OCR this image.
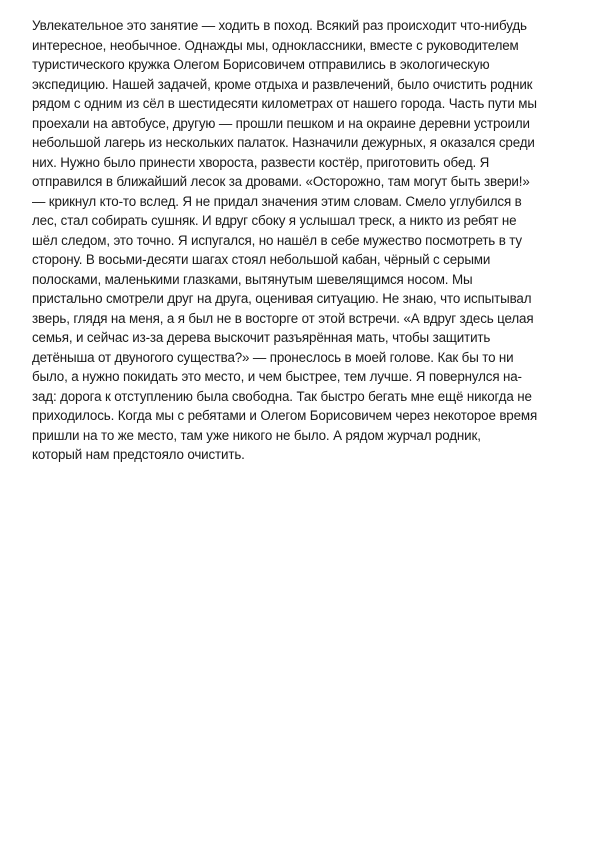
Увлекательное это занятие — ходить в поход. Всякий раз происходит что-нибудь
интересное, необычное. Однажды мы, одноклассники, вместе с руководителем
туристического кружка Олегом Борисовичем отправились в экологическую
экспедицию. Нашей задачей, кроме отдыха и развлечений, было очистить родник
рядом с одним из сёл в шестидесяти километрах от нашего города. Часть пути мы
проехали на автобусе, другую — прошли пешком и на окраине деревни устроили
небольшой лагерь из нескольких палаток. Назначили дежурных, я оказался среди
них. Нужно было принести хвороста, развести костёр, приготовить обед. Я
отправился в ближайший лесок за дровами. «Осторожно, там могут быть звери!»
— крикнул кто-то вслед. Я не придал значения этим словам. Смело углубился в
лес, стал собирать сушняк. И вдруг сбоку я услышал треск, а никто из ребят не
шёл следом, это точно. Я испугался, но нашёл в себе мужество посмотреть в ту
сторону. В восьми-десяти шагах стоял небольшой кабан, чёрный с серыми
полосками, маленькими глазками, вытянутым шевелящимся носом. Мы
пристально смотрели друг на друга, оценивая ситуацию. Не знаю, что испытывал
зверь, глядя на меня, а я был не в восторге от этой встречи. «А вдруг здесь целая
семья, и сейчас из-за дерева выскочит разъярённая мать, чтобы защитить
детёныша от двуногого существа?» — пронеслось в моей голове. Как бы то ни
было, а нужно покидать это место, и чем быстрее, тем лучше. Я повернулся на-
зад: дорога к отступлению была свободна. Так быстро бегать мне ещё никогда не
приходилось. Когда мы с ребятами и Олегом Борисовичем через некоторое время
пришли на то же место, там уже никого не было. А рядом журчал родник,
который нам предстояло очистить.
